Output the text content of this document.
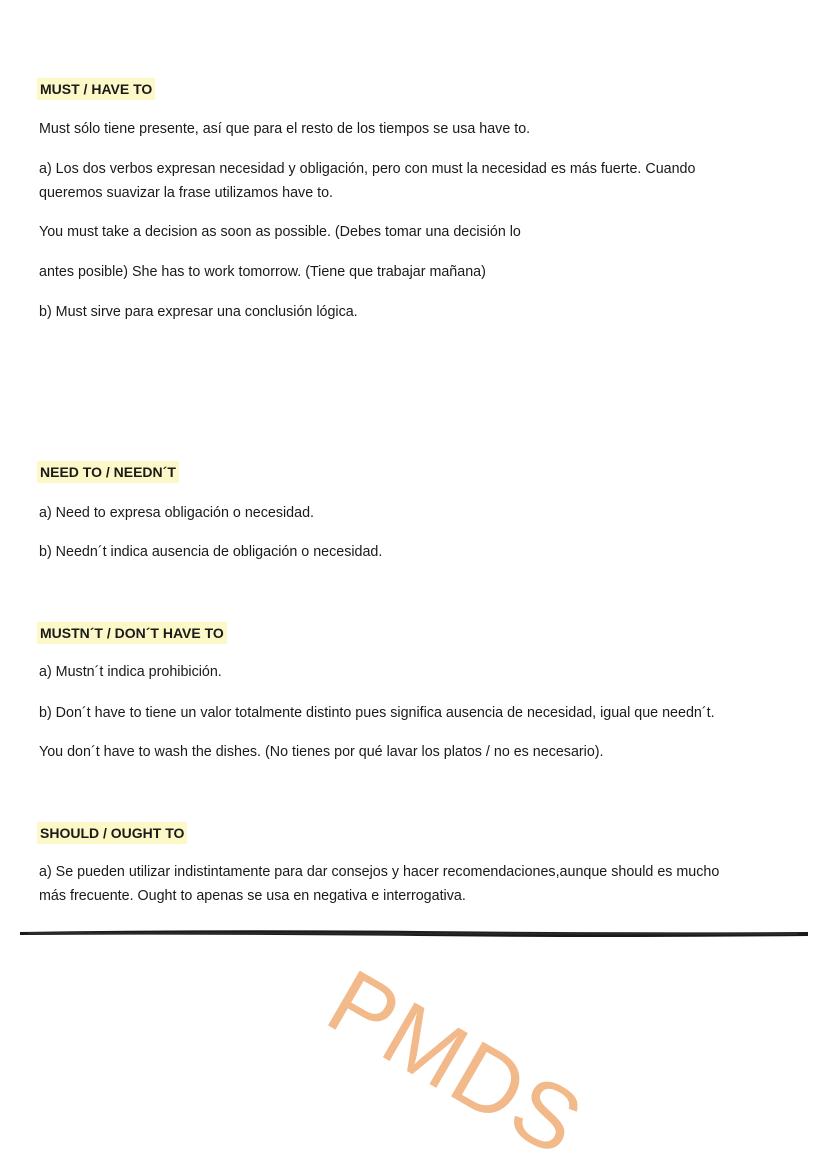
MUST / HAVE TO
Must sólo tiene presente, así que para el resto de los tiempos se usa have to.
a) Los dos verbos expresan necesidad y obligación, pero con must la necesidad es más fuerte. Cuando
queremos suavizar la frase utilizamos have to.
You must take a decision as soon as possible. (Debes tomar una decisión lo
antes posible) She has to work tomorrow. (Tiene que trabajar mañana)
b) Must sirve para expresar una conclusión lógica.
NEED TO / NEEDN´T
a) Need to expresa obligación o necesidad.
b) Needn´t indica ausencia de obligación o necesidad.
MUSTN´T / DON´T HAVE TO
a) Mustn´t indica prohibición.
b) Don´t have to tiene un valor totalmente distinto pues significa ausencia de necesidad, igual que needn´t.
You don´t have to wash the dishes. (No tienes por qué lavar los platos / no es necesario).
SHOULD / OUGHT TO
a) Se pueden utilizar indistintamente para dar consejos y hacer recomendaciones,aunque should es mucho
más frecuente. Ought to apenas se usa en negativa e interrogativa.
PMDS
